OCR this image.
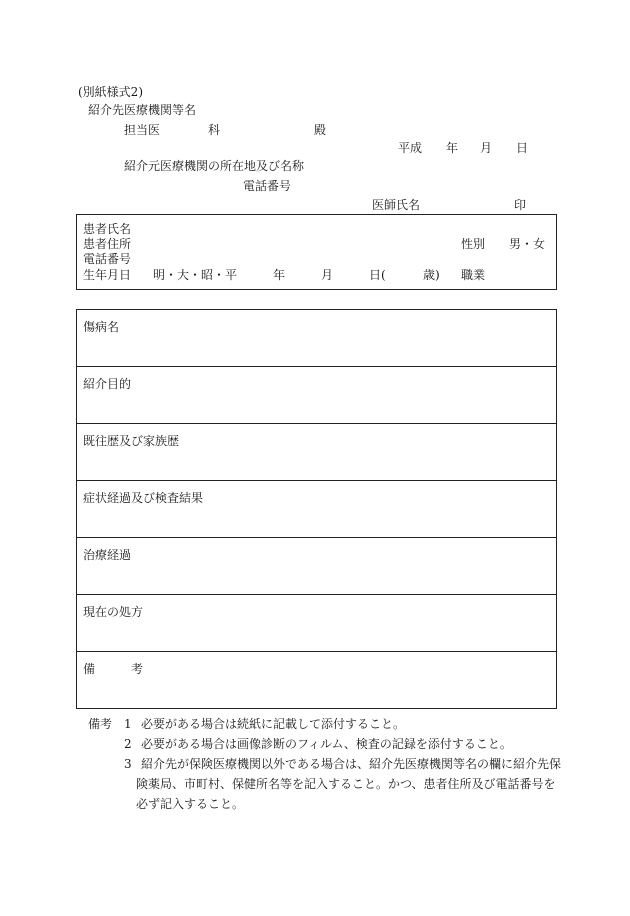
(別紙様式2)
紹介先医療機関等名
担当医	科	殿
平成 年 月 日
紹介元医療機関の所在地及び名称
電話番号
医師氏名	印
患者氏名
患者住所	性別 男・女
電話番号
生年月日 明・大・昭・平	年	月	日(	歳) 職業
傷病名
紹介目的
既往歴及び家族歴
症状経過及び検査結果
治療経過
現在の処方
備　　　考
備考 1 必要がある場合は続紙に記載して添付すること。
2 必要がある場合は画像診断のフィルム、検査の記録を添付すること。
3 紹介先が保険医療機関以外である場合は、紹介先医療機関等名の欄に紹介先保
険薬局、市町村、保健所名等を記入すること。かつ、患者住所及び電話番号を
必ず記入すること。
